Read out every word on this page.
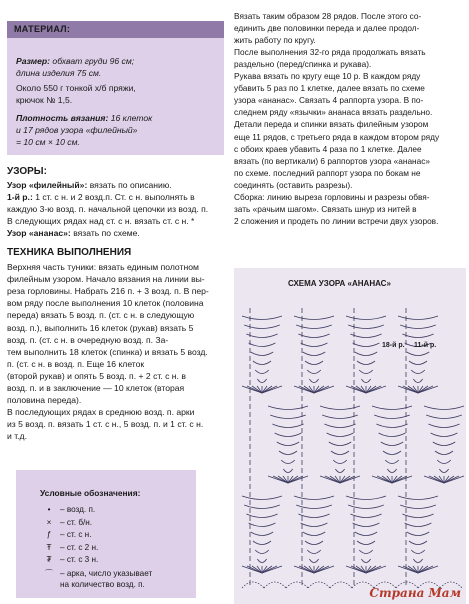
МАТЕРИАЛ:
Размер: обхват груди 96 см;
длина изделия 75 см.
Около 550 г тонкой х/б пряжи,
крючок № 1,5.
Плотность вязания: 16 клеток
и 17 рядов узора «филейный»
= 10 см × 10 см.
УЗОРЫ:
Узор «филейный»: вязать по описанию.
1-й р.: 1 ст. с н. и 2 возд.п. Ст. с н. выполнять в
каждую 3-ю возд. п. начальной цепочки из возд. п.
В следующих рядах над ст. с н. вязать ст. с н. *
Узор «ананас»: вязать по схеме.
ТЕХНИКА ВЫПОЛНЕНИЯ
Верхняя часть туники: вязать единым полотном
филейным узором. Начало вязания на линии вы-
реза горловины. Набрать 216 п. + 3 возд. п. В пер-
вом ряду после выполнения 10 клеток (половина
переда) вязать 5 возд. п. (ст. с н. в следующую
возд. п.), выполнить 16 клеток (рукав) вязать 5
возд. п. (ст. с н. в очередную возд. п. За-
тем выполнить 18 клеток (спинка) и вязать 5 возд.
п. (ст. с н. в возд. п. Еще 16 клеток
(второй рукав) и опять 5 возд. п. + 2 ст. с н. в
возд. п. и в заключение — 10 клеток (вторая
половина переда).
В последующих рядах в среднюю возд. п. арки
из 5 возд. п. вязать 1 ст. с н., 5 возд. п. и 1 ст. с н.
и т.д.
Условные обозначения:
• – возд. п.
× – ст. б/н.
ƒ – ст. с н.
Ŧ – ст. с 2 н.
₮ – ст. с 3 н.
⌒ – арка, число указывает
на количество возд. п.
Вязать таким образом 28 рядов. После этого со-
единить две половинки переда и далее продол-
жить работу по кругу.
После выполнения 32-го ряда продолжать вязать
раздельно (перед/спинка и рукава).
Рукава вязать по кругу еще 10 р. В каждом ряду
убавить 5 раз по 1 клетке, далее вязать по схеме
узора «ананас». Связать 4 раппорта узора. В по-
следнем ряду «язычки» ананаса вязать раздельно.
Детали переда и спинки вязать филейным узором
еще 11 рядов, с третьего ряда в каждом втором ряду
с обоих краев убавить 4 раза по 1 клетке. Далее
вязать (по вертикали) 6 раппортов узора «ананас»
по схеме. последний раппорт узора по бокам не
соединять (оставить разрезы).
Сборка: линию выреза горловины и разрезы обвя-
зать «рачьим шагом». Связать шнур из нитей в
2 сложения и продеть по линии встречи двух узоров.
СХЕМА УЗОРА «АНАНАС»
18-й р. 11-й р.
Страна Мам
